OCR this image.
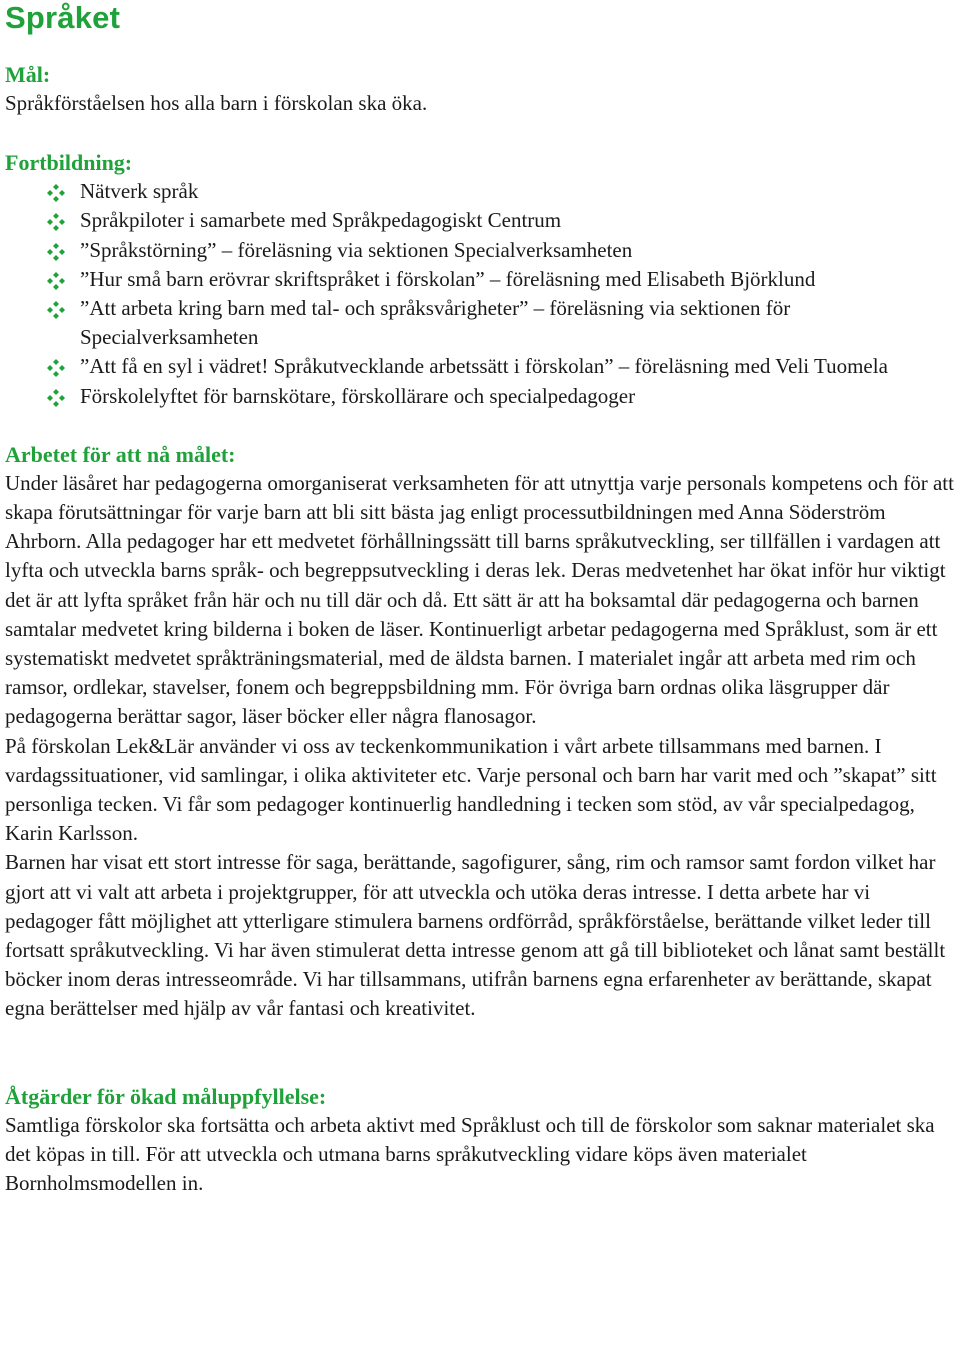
Språket
Mål:

Språkförståelsen hos alla barn i förskolan ska öka.

Fortbildning:
Nätverk språk
Språkpiloter i samarbete med Språkpedagogiskt Centrum
”Språkstörning” – föreläsning via sektionen Specialverksamheten
”Hur små barn erövrar skriftspråket i förskolan” – föreläsning med Elisabeth Björklund
”Att arbeta kring barn med tal- och språksvårigheter” – föreläsning via sektionen för Specialverksamheten
”Att få en syl i vädret! Språkutvecklande arbetssätt i förskolan” – föreläsning med Veli Tuomela
Förskolelyftet för barnskötare, förskollärare och specialpedagoger
Arbetet för att nå målet:

Under läsåret har pedagogerna omorganiserat verksamheten för att utnyttja varje personals kompetens och för att skapa förutsättningar för varje barn att bli sitt bästa jag enligt processutbildningen med Anna Söderström Ahrborn. Alla pedagoger har ett medvetet förhållningssätt till barns språkutveckling, ser tillfällen i vardagen att lyfta och utveckla barns språk- och begreppsutveckling i deras lek. Deras medvetenhet har ökat inför hur viktigt det är att lyfta språket från här och nu till där och då. Ett sätt är att ha boksamtal där pedagogerna och barnen samtalar medvetet kring bilderna i boken de läser. Kontinuerligt arbetar pedagogerna med Språklust, som är ett systematiskt medvetet språkträningsmaterial, med de äldsta barnen. I materialet ingår att arbeta med rim och ramsor, ordlekar, stavelser, fonem och begreppsbildning mm. För övriga barn ordnas olika läsgrupper där pedagogerna berättar sagor, läser böcker eller några flanosagor.

På förskolan Lek&Lär använder vi oss av teckenkommunikation i vårt arbete tillsammans med barnen. I vardagssituationer, vid samlingar, i olika aktiviteter etc. Varje personal och barn har varit med och ”skapat” sitt personliga tecken. Vi får som pedagoger kontinuerlig handledning i tecken som stöd, av vår specialpedagog, Karin Karlsson.

Barnen har visat ett stort intresse för saga, berättande, sagofigurer, sång, rim och ramsor samt fordon vilket har gjort att vi valt att arbeta i projektgrupper, för att utveckla och utöka deras intresse. I detta arbete har vi pedagoger fått möjlighet att ytterligare stimulera barnens ordförråd, språkförståelse, berättande vilket leder till fortsatt språkutveckling. Vi har även stimulerat detta intresse genom att gå till biblioteket och lånat samt beställt böcker inom deras intresseområde. Vi har tillsammans, utifrån barnens egna erfarenheter av berättande, skapat egna berättelser med hjälp av vår fantasi och kreativitet.

Åtgärder för ökad måluppfyllelse:

Samtliga förskolor ska fortsätta och arbeta aktivt med Språklust och till de förskolor som saknar materialet ska det köpas in till. För att utveckla och utmana barns språkutveckling vidare köps även materialet Bornholmsmodellen in.
